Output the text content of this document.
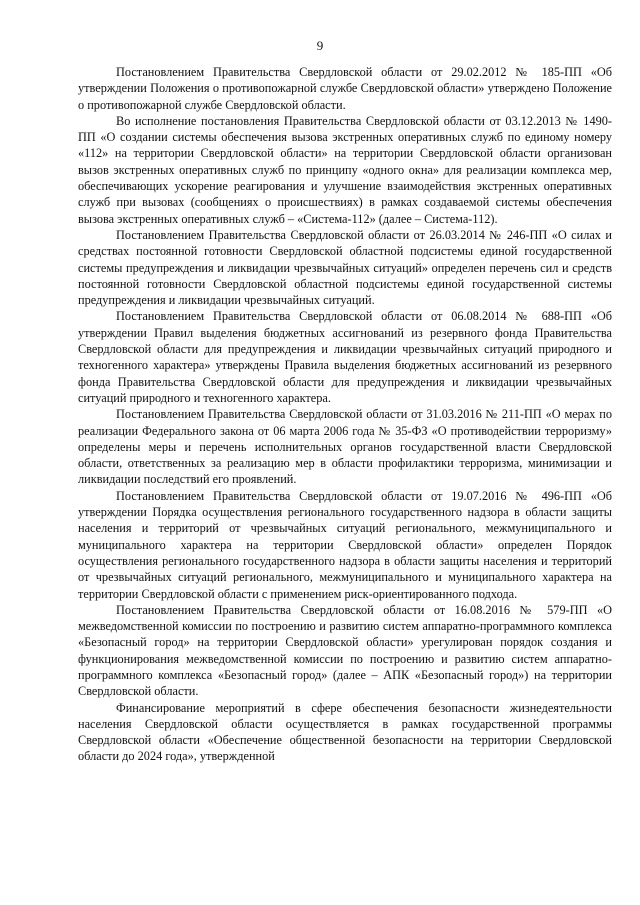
9

Постановлением Правительства Свердловской области от 29.02.2012 № 185-ПП «Об утверждении Положения о противопожарной службе Свердловской области» утверждено Положение о противопожарной службе Свердловской области.

Во исполнение постановления Правительства Свердловской области от 03.12.2013 № 1490-ПП «О создании системы обеспечения вызова экстренных оперативных служб по единому номеру «112» на территории Свердловской области» на территории Свердловской области организован вызов экстренных оперативных служб по принципу «одного окна» для реализации комплекса мер, обеспечивающих ускорение реагирования и улучшение взаимодействия экстренных оперативных служб при вызовах (сообщениях о происшествиях) в рамках создаваемой системы обеспечения вызова экстренных оперативных служб – «Система-112» (далее – Система-112).

Постановлением Правительства Свердловской области от 26.03.2014 № 246-ПП «О силах и средствах постоянной готовности Свердловской областной подсистемы единой государственной системы предупреждения и ликвидации чрезвычайных ситуаций» определен перечень сил и средств постоянной готовности Свердловской областной подсистемы единой государственной системы предупреждения и ликвидации чрезвычайных ситуаций.

Постановлением Правительства Свердловской области от 06.08.2014 № 688-ПП «Об утверждении Правил выделения бюджетных ассигнований из резервного фонда Правительства Свердловской области для предупреждения и ликвидации чрезвычайных ситуаций природного и техногенного характера» утверждены Правила выделения бюджетных ассигнований из резервного фонда Правительства Свердловской области для предупреждения и ликвидации чрезвычайных ситуаций природного и техногенного характера.

Постановлением Правительства Свердловской области от 31.03.2016 № 211-ПП «О мерах по реализации Федерального закона от 06 марта 2006 года № 35-ФЗ «О противодействии терроризму» определены меры и перечень исполнительных органов государственной власти Свердловской области, ответственных за реализацию мер в области профилактики терроризма, минимизации и ликвидации последствий его проявлений.

Постановлением Правительства Свердловской области от 19.07.2016 № 496-ПП «Об утверждении Порядка осуществления регионального государственного надзора в области защиты населения и территорий от чрезвычайных ситуаций регионального, межмуниципального и муниципального характера на территории Свердловской области» определен Порядок осуществления регионального государственного надзора в области защиты населения и территорий от чрезвычайных ситуаций регионального, межмуниципального и муниципального характера на территории Свердловской области с применением риск-ориентированного подхода.

Постановлением Правительства Свердловской области от 16.08.2016 № 579-ПП «О межведомственной комиссии по построению и развитию систем аппаратно-программного комплекса «Безопасный город» на территории Свердловской области» урегулирован порядок создания и функционирования межведомственной комиссии по построению и развитию систем аппаратно-программного комплекса «Безопасный город» (далее – АПК «Безопасный город») на территории Свердловской области.

Финансирование мероприятий в сфере обеспечения безопасности жизнедеятельности населения Свердловской области осуществляется в рамках государственной программы Свердловской области «Обеспечение общественной безопасности на территории Свердловской области до 2024 года», утвержденной
